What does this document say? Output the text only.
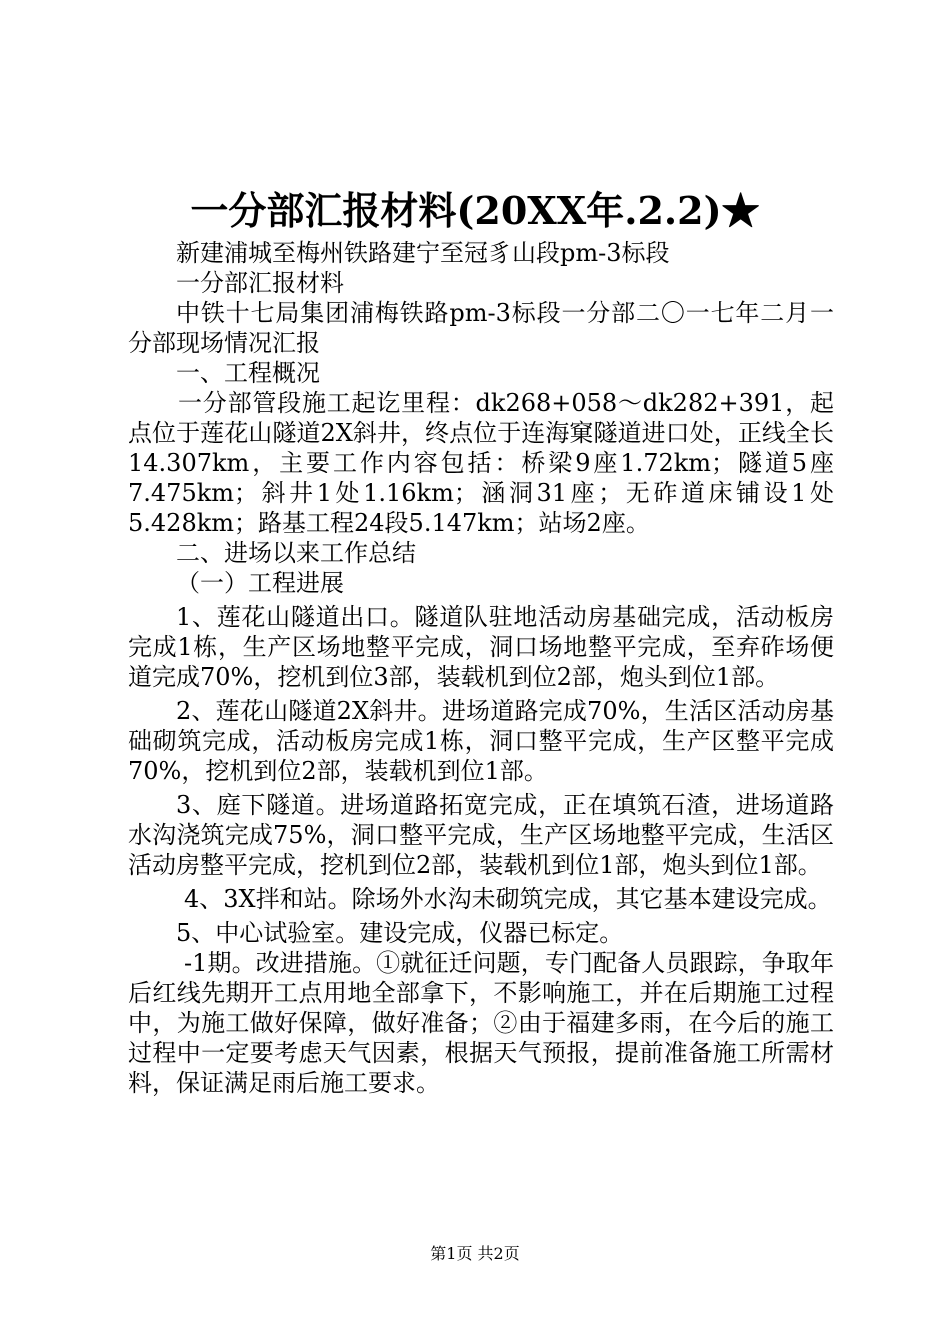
一分部汇报材料(20XX年.2.2)★

新建浦城至梅州铁路建宁至冠豸山段pm-3标段

一分部汇报材料

中铁十七局集团浦梅铁路pm-3标段一分部二〇一七年二月一分部现场情况汇报

一、工程概况

一分部管段施工起讫里程：dk268+058～dk282+391，起点位于莲花山隧道2X斜井，终点位于连海窠隧道进口处，正线全长14.307km，主要工作内容包括：桥梁9座1.72km；隧道5座7.475km；斜井1处1.16km；涵洞31座；无砟道床铺设1处5.428km；路基工程24段5.147km；站场2座。

二、进场以来工作总结

（一）工程进展

1、莲花山隧道出口。隧道队驻地活动房基础完成，活动板房完成1栋，生产区场地整平完成，洞口场地整平完成，至弃砟场便道完成70%，挖机到位3部，装载机到位2部，炮头到位1部。

2、莲花山隧道2X斜井。进场道路完成70%，生活区活动房基础砌筑完成，活动板房完成1栋，洞口整平完成，生产区整平完成70%，挖机到位2部，装载机到位1部。

3、庭下隧道。进场道路拓宽完成，正在填筑石渣，进场道路水沟浇筑完成75%，洞口整平完成，生产区场地整平完成，生活区活动房整平完成，挖机到位2部，装载机到位1部，炮头到位1部。

4、3X拌和站。除场外水沟未砌筑完成，其它基本建设完成。

5、中心试验室。建设完成，仪器已标定。

-1期。改进措施。①就征迁问题，专门配备人员跟踪，争取年后红线先期开工点用地全部拿下，不影响施工，并在后期施工过程中，为施工做好保障，做好准备；②由于福建多雨，在今后的施工过程中一定要考虑天气因素，根据天气预报，提前准备施工所需材料，保证满足雨后施工要求。

第1页 共2页
